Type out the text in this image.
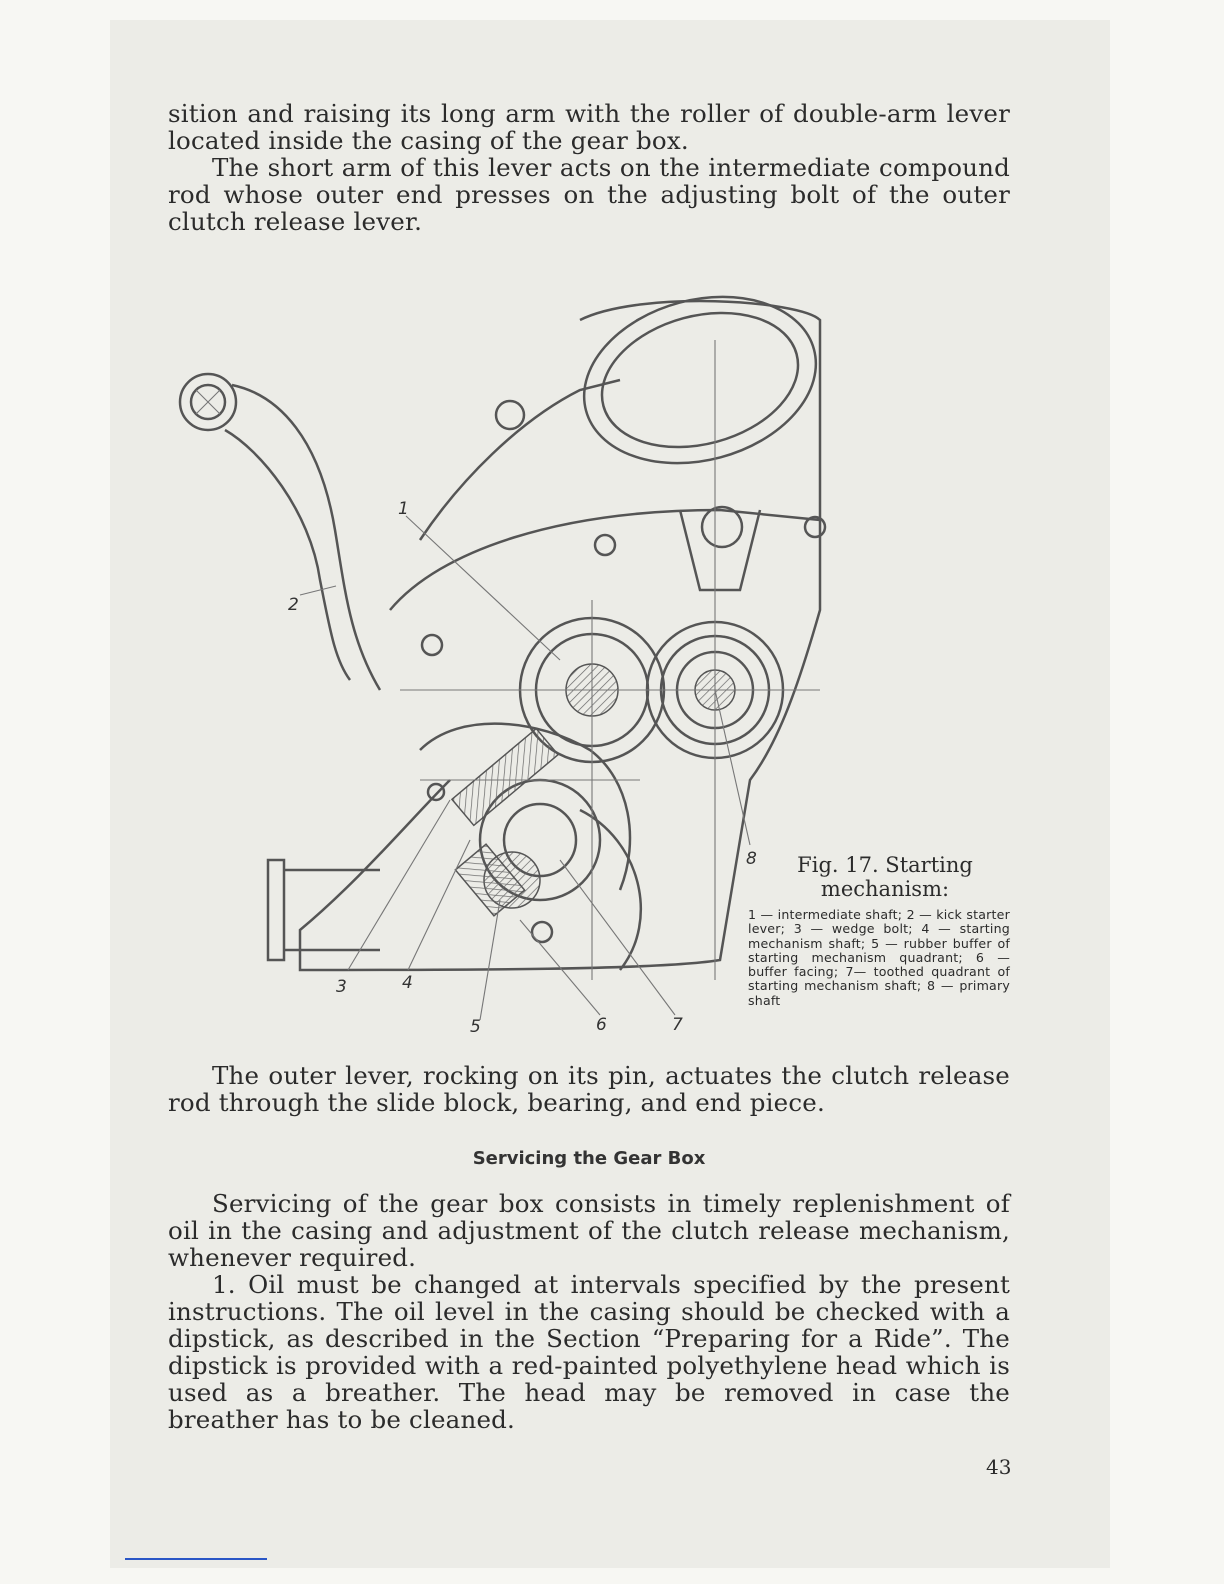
sition and raising its long arm with the roller of double-arm lever located inside the casing of the gear box.

The short arm of this lever acts on the intermediate compound rod whose outer end presses on the adjusting bolt of the outer clutch release lever.

1
2
3	4
5	6	7
8	Fig. 17. Starting mechanism:
1 — intermediate shaft; 2 — kick starter lever; 3 — wedge bolt; 4 — starting mechanism shaft; 5 — rubber buffer of starting mechanism quadrant; 6 — buffer facing; 7— toothed quadrant of starting mechanism shaft; 8 — primary shaft

The outer lever, rocking on its pin, actuates the clutch release rod through the slide block, bearing, and end piece.

Servicing the Gear Box

Servicing of the gear box consists in timely replenishment of oil in the casing and adjustment of the clutch release mechanism, whenever required.

1. Oil must be changed at intervals specified by the present instructions. The oil level in the casing should be checked with a dipstick, as described in the Section “Preparing for a Ride”. The dipstick is provided with a red-painted polyethylene head which is used as a breather. The head may be removed in case the breather has to be cleaned.

43
